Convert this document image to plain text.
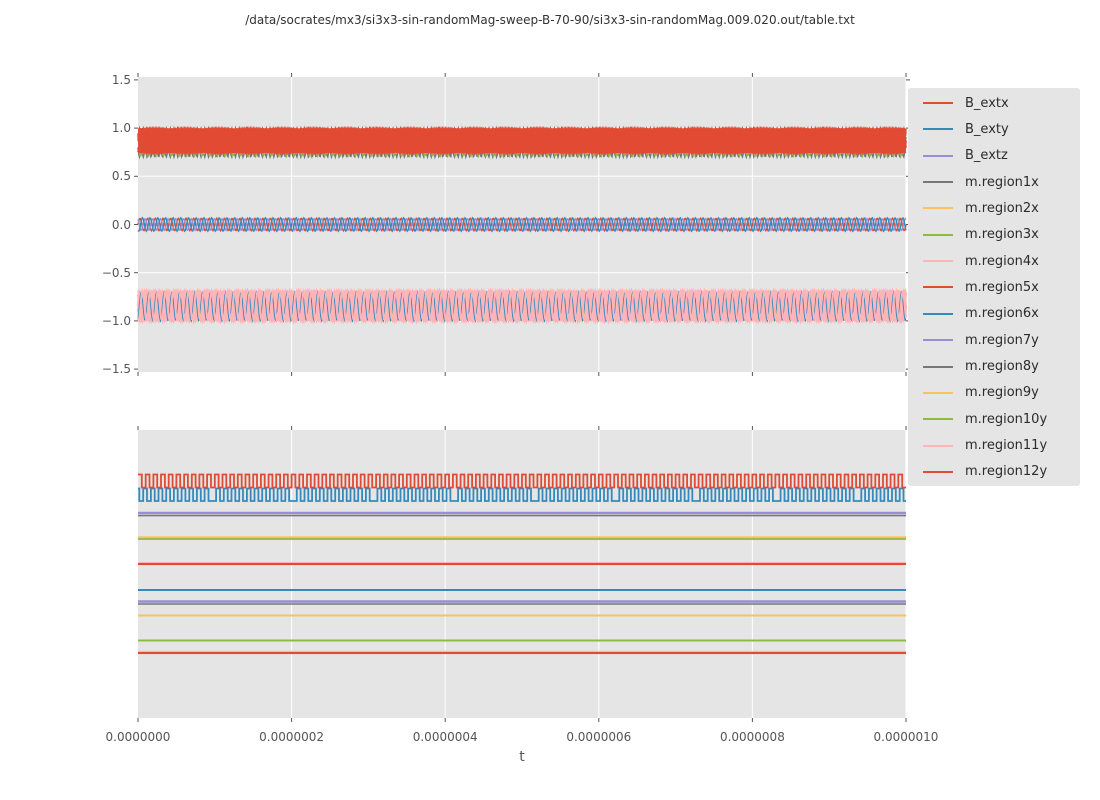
/data/socrates/mx3/si3x3-sin-randomMag-sweep-B-70-90/si3x3-sin-randomMag.009.020.out/table.txt
1.5
1.0
0.5
0.0
−0.5
−1.0
−1.5
0.0000000	0.0000002	0.0000004	0.0000006	0.0000008	0.0000010
t
B_extx
B_exty
B_extz
m.region1x
m.region2x
m.region3x
m.region4x
m.region5x
m.region6x
m.region7y
m.region8y
m.region9y
m.region10y
m.region11y
m.region12y
